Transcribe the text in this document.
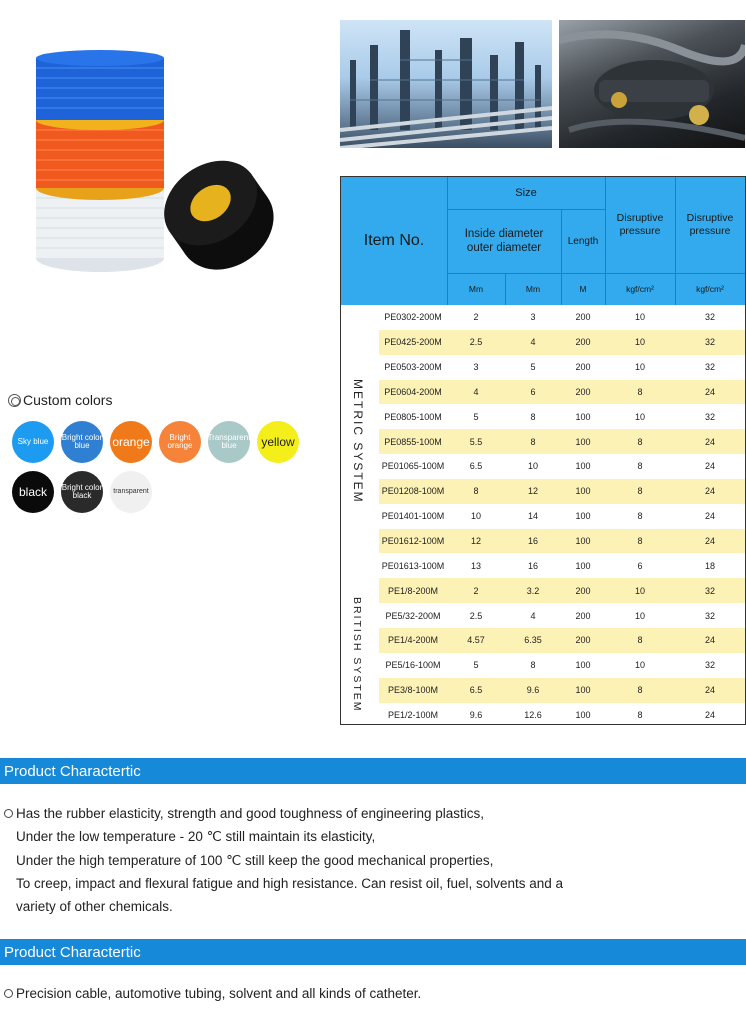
Custom colors
Sky blue	Bright color blue	orange	Bright orange
Transparent blue	yellow
black	Bright color black	transparent
Item No.
Size
Inside diameter outer diameter
Length
Disruptive pressure
Disruptive pressure
Mm	Mm	M	kgf/cm²	kgf/cm²
METRIC SYSTEM
BRITISH SYSTEM
PE0302-200M	2	3	200	10	32
PE0425-200M	2.5	4	200	10	32
PE0503-200M	3	5	200	10	32
PE0604-200M	4	6	200	8	24
PE0805-100M	5	8	100	10	32
PE0855-100M	5.5	8	100	8	24
PE01065-100M	6.5	10	100	8	24
PE01208-100M	8	12	100	8	24
PE01401-100M	10	14	100	8	24
PE01612-100M	12	16	100	8	24
PE01613-100M	13	16	100	6	18
PE1/8-200M	2	3.2	200	10	32
PE5/32-200M	2.5	4	200	10	32
PE1/4-200M	4.57	6.35	200	8	24
PE5/16-100M	5	8	100	10	32
PE3/8-100M	6.5	9.6	100	8	24
PE1/2-100M	9.6	12.6	100	8	24
Product Charactertic
Has the rubber elasticity, strength and good toughness of engineering plastics,
Under the low temperature - 20 ℃ still maintain its elasticity,
Under the high temperature of 100 ℃ still keep the good mechanical properties,
To creep, impact and flexural fatigue and high resistance. Can resist oil, fuel, solvents and a
variety of other chemicals.
Product Charactertic
Precision cable, automotive tubing, solvent and all kinds of catheter.
